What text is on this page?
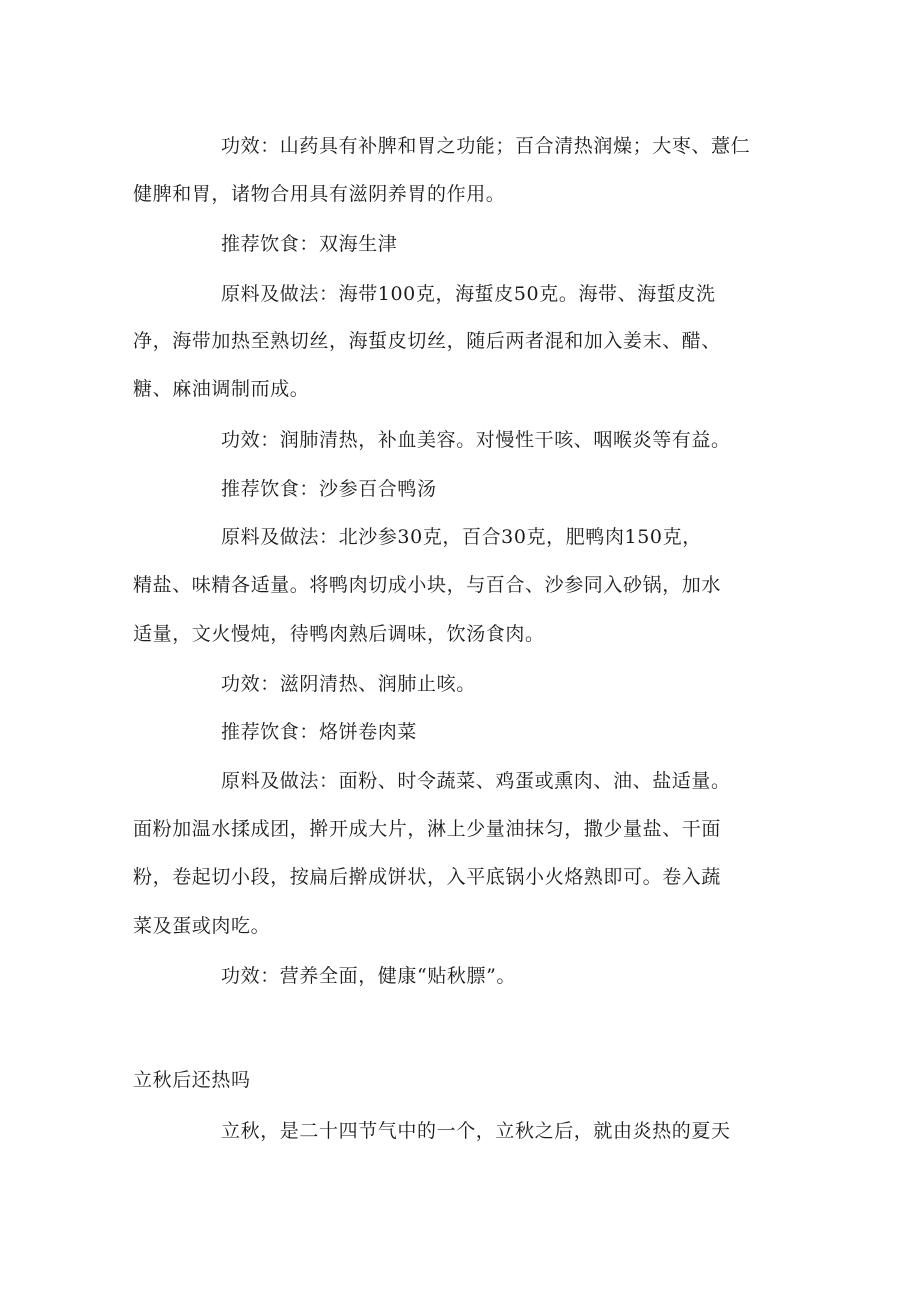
功效：山药具有补脾和胃之功能；百合清热润燥；大枣、薏仁
健脾和胃，诸物合用具有滋阴养胃的作用。
推荐饮食：双海生津
原料及做法：海带100克，海蜇皮50克。海带、海蜇皮洗
净，海带加热至熟切丝，海蜇皮切丝，随后两者混和加入姜末、醋、
糖、麻油调制而成。
功效：润肺清热，补血美容。对慢性干咳、咽喉炎等有益。
推荐饮食：沙参百合鸭汤
原料及做法：北沙参30克，百合30克，肥鸭肉150克，
精盐、味精各适量。将鸭肉切成小块，与百合、沙参同入砂锅，加水
适量，文火慢炖，待鸭肉熟后调味，饮汤食肉。
功效：滋阴清热、润肺止咳。
推荐饮食：烙饼卷肉菜
原料及做法：面粉、时令蔬菜、鸡蛋或熏肉、油、盐适量。
面粉加温水揉成团，擀开成大片，淋上少量油抹匀，撒少量盐、干面
粉，卷起切小段，按扁后擀成饼状，入平底锅小火烙熟即可。卷入蔬
菜及蛋或肉吃。
功效：营养全面，健康“贴秋膘”。
立秋后还热吗
立秋，是二十四节气中的一个，立秋之后，就由炎热的夏天
